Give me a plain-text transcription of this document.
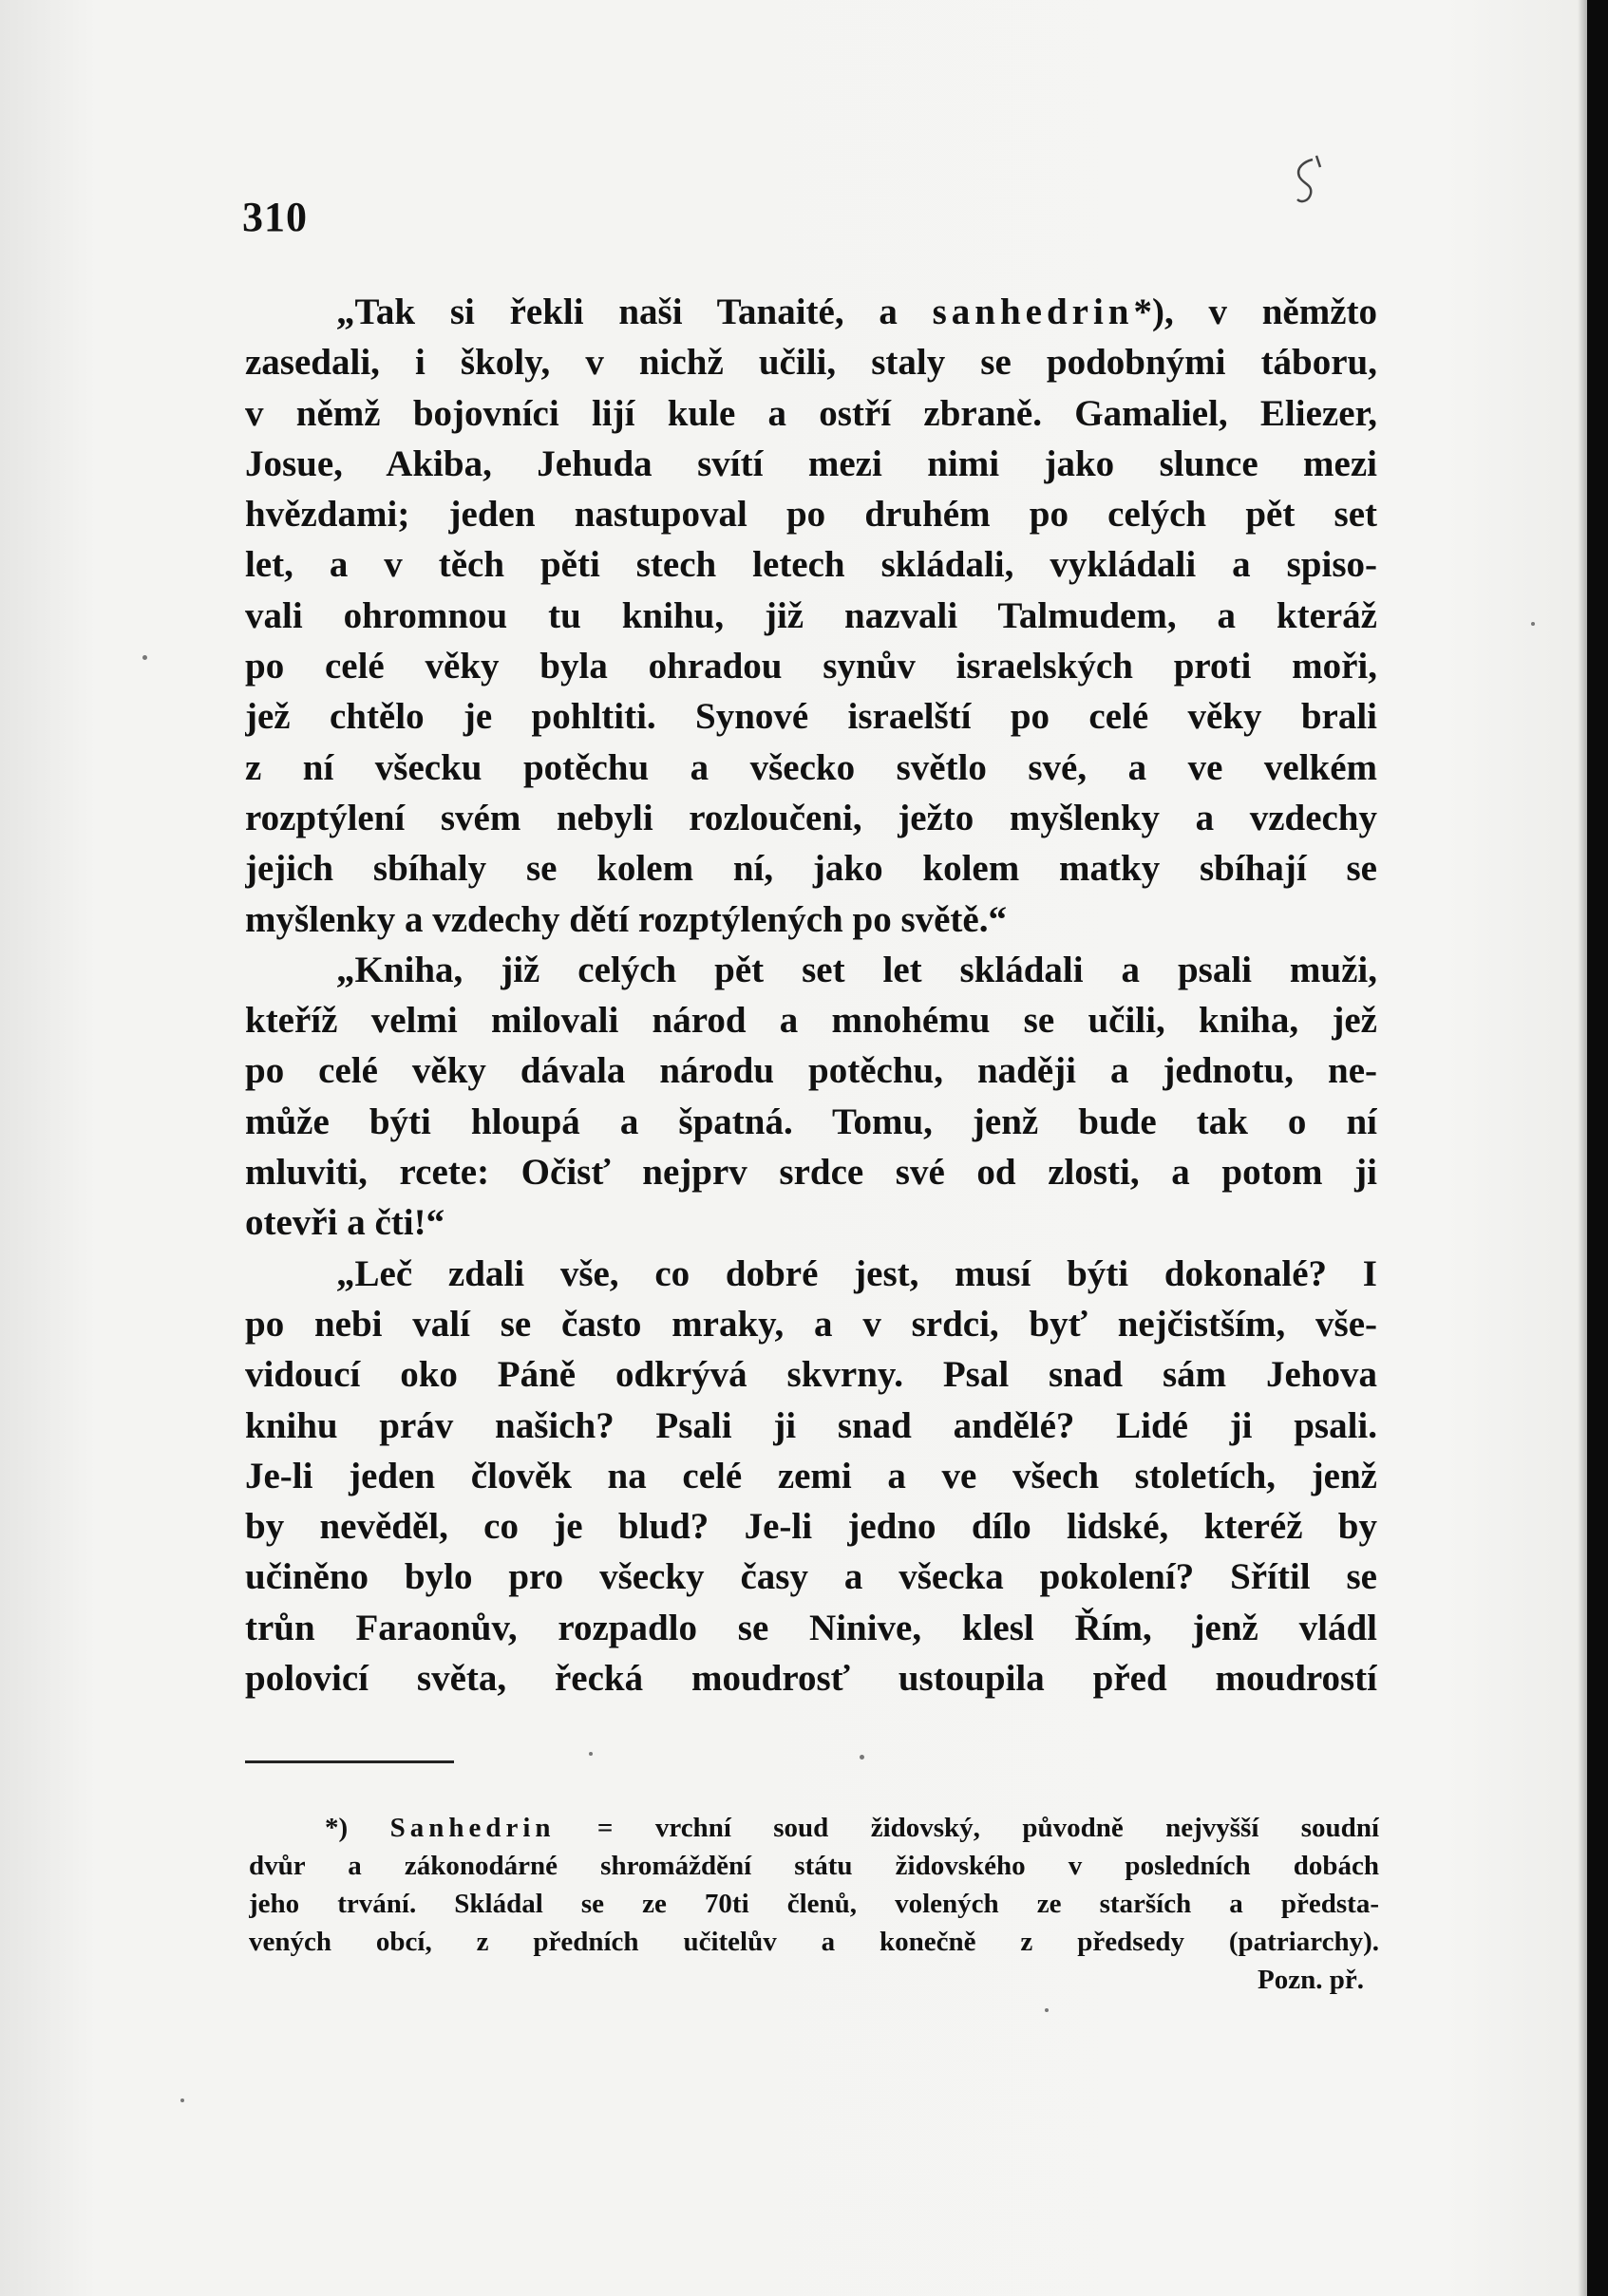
310
„Tak si řekli naši Tanaité, a sanhedrin*), v němžto
zasedali, i školy, v nichž učili, staly se podobnými táboru,
v němž bojovníci lijí kule a ostří zbraně. Gamaliel, Eliezer,
Josue, Akiba, Jehuda svítí mezi nimi jako slunce mezi
hvězdami; jeden nastupoval po druhém po celých pět set
let, a v těch pěti stech letech skládali, vykládali a spiso-
vali ohromnou tu knihu, již nazvali Talmudem, a kteráž
po celé věky byla ohradou synův israelských proti moři,
jež chtělo je pohltiti. Synové israelští po celé věky brali
z ní všecku potěchu a všecko světlo své, a ve velkém
rozptýlení svém nebyli rozloučeni, ježto myšlenky a vzdechy
jejich sbíhaly se kolem ní, jako kolem matky sbíhají se
myšlenky a vzdechy dětí rozptýlených po světě.“
„Kniha, již celých pět set let skládali a psali muži,
kteříž velmi milovali národ a mnohému se učili, kniha, jež
po celé věky dávala národu potěchu, naději a jednotu, ne-
může býti hloupá a špatná. Tomu, jenž bude tak o ní
mluviti, rcete: Očisť nejprv srdce své od zlosti, a potom ji
otevři a čti!“
„Leč zdali vše, co dobré jest, musí býti dokonalé? I
po nebi valí se často mraky, a v srdci, byť nejčistším, vše-
vidoucí oko Páně odkrývá skvrny. Psal snad sám Jehova
knihu práv našich? Psali ji snad andělé? Lidé ji psali.
Je-li jeden člověk na celé zemi a ve všech stoletích, jenž
by nevěděl, co je blud? Je-li jedno dílo lidské, kteréž by
učiněno bylo pro všecky časy a všecka pokolení? Sřítil se
trůn Faraonův, rozpadlo se Ninive, klesl Řím, jenž vládl
polovicí světa, řecká moudrosť ustoupila před moudrostí
*) Sanhedrin = vrchní soud židovský, původně nejvyšší soudní
dvůr a zákonodárné shromáždění státu židovského v posledních dobách
jeho trvání. Skládal se ze 70ti členů, volených ze starších a předsta-
vených obcí, z předních učitelův a konečně z předsedy (patriarchy).
Pozn. př.
